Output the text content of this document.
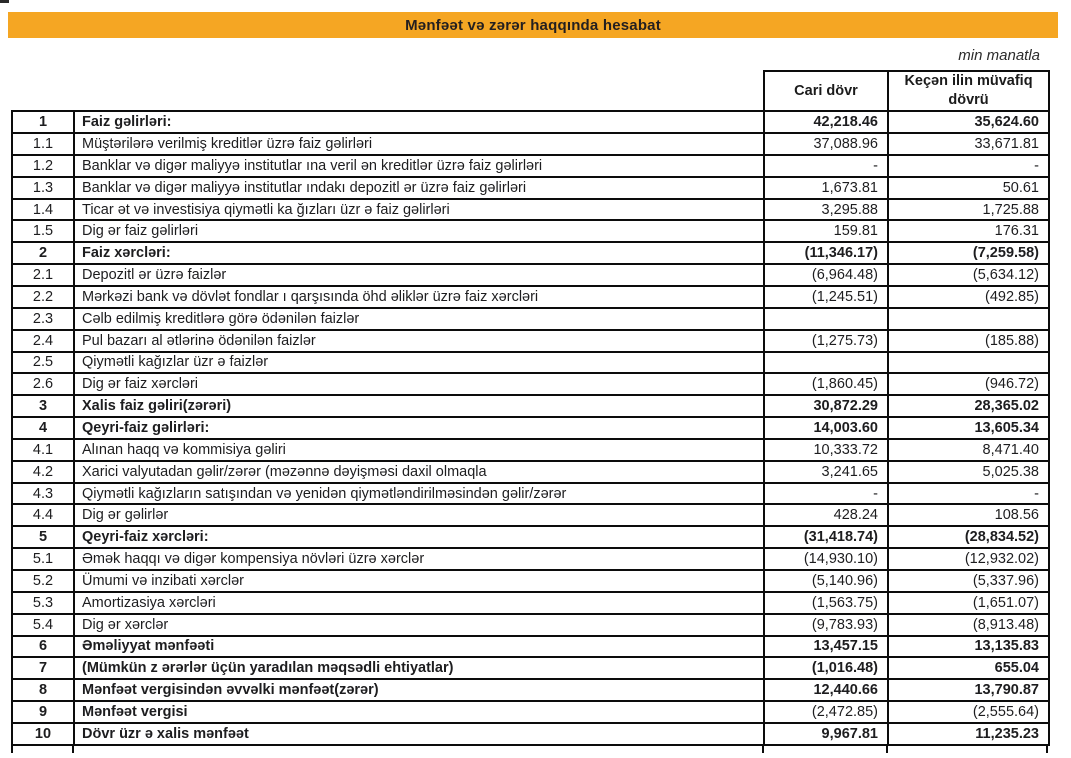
Mənfəət və zərər haqqında hesabat
min manatla
		Cari dövr	Keçən ilin müvafiq dövrü
1	Faiz gəlirləri:	42,218.46	35,624.60
1.1	Müştərilərə verilmiş kreditlər üzrə faiz gəlirləri	37,088.96	33,671.81
1.2	Banklar və digər maliyyə institutlar ına veril ən kreditlər üzrə faiz gəlirləri	-	-
1.3	Banklar və digər maliyyə institutlar ındakı depozitl ər üzrə faiz gəlirləri	1,673.81	50.61
1.4	Ticar ət və investisiya qiymətli ka ğızları üzr ə faiz gəlirləri	3,295.88	1,725.88
1.5	Dig ər faiz gəlirləri	159.81	176.31
2	Faiz xərcləri:	(11,346.17)	(7,259.58)
2.1	Depozitl ər üzrə faizlər	(6,964.48)	(5,634.12)
2.2	Mərkəzi bank və dövlət fondlar ı qarşısında öhd əliklər üzrə faiz xərcləri	(1,245.51)	(492.85)
2.3	Cəlb edilmiş kreditlərə görə ödənilən faizlər		
2.4	Pul bazarı al ətlərinə ödənilən faizlər	(1,275.73)	(185.88)
2.5	Qiymətli kağızlar üzr ə faizlər		
2.6	Dig ər faiz xərcləri	(1,860.45)	(946.72)
3	Xalis faiz gəliri(zərəri)	30,872.29	28,365.02
4	Qeyri-faiz gəlirləri:	14,003.60	13,605.34
4.1	Alınan haqq və kommisiya gəliri	10,333.72	8,471.40
4.2	Xarici valyutadan gəlir/zərər (məzənnə dəyişməsi daxil olmaqla	3,241.65	5,025.38
4.3	Qiymətli kağızların satışından və yenidən qiymətləndirilməsindən gəlir/zərər	-	-
4.4	Dig ər gəlirlər	428.24	108.56
5	Qeyri-faiz xərcləri:	(31,418.74)	(28,834.52)
5.1	Əmək haqqı və digər kompensiya növləri üzrə xərclər	(14,930.10)	(12,932.02)
5.2	Ümumi və inzibati xərclər	(5,140.96)	(5,337.96)
5.3	Amortizasiya xərcləri	(1,563.75)	(1,651.07)
5.4	Dig ər xərclər	(9,783.93)	(8,913.48)
6	Əməliyyat mənfəəti	13,457.15	13,135.83
7	(Mümkün z ərərlər üçün yaradılan məqsədli ehtiyatlar)	(1,016.48)	655.04
8	Mənfəət vergisindən əvvəlki mənfəət(zərər)	12,440.66	13,790.87
9	Mənfəət vergisi	(2,472.85)	(2,555.64)
10	Dövr üzr ə xalis mənfəət	9,967.81	11,235.23
